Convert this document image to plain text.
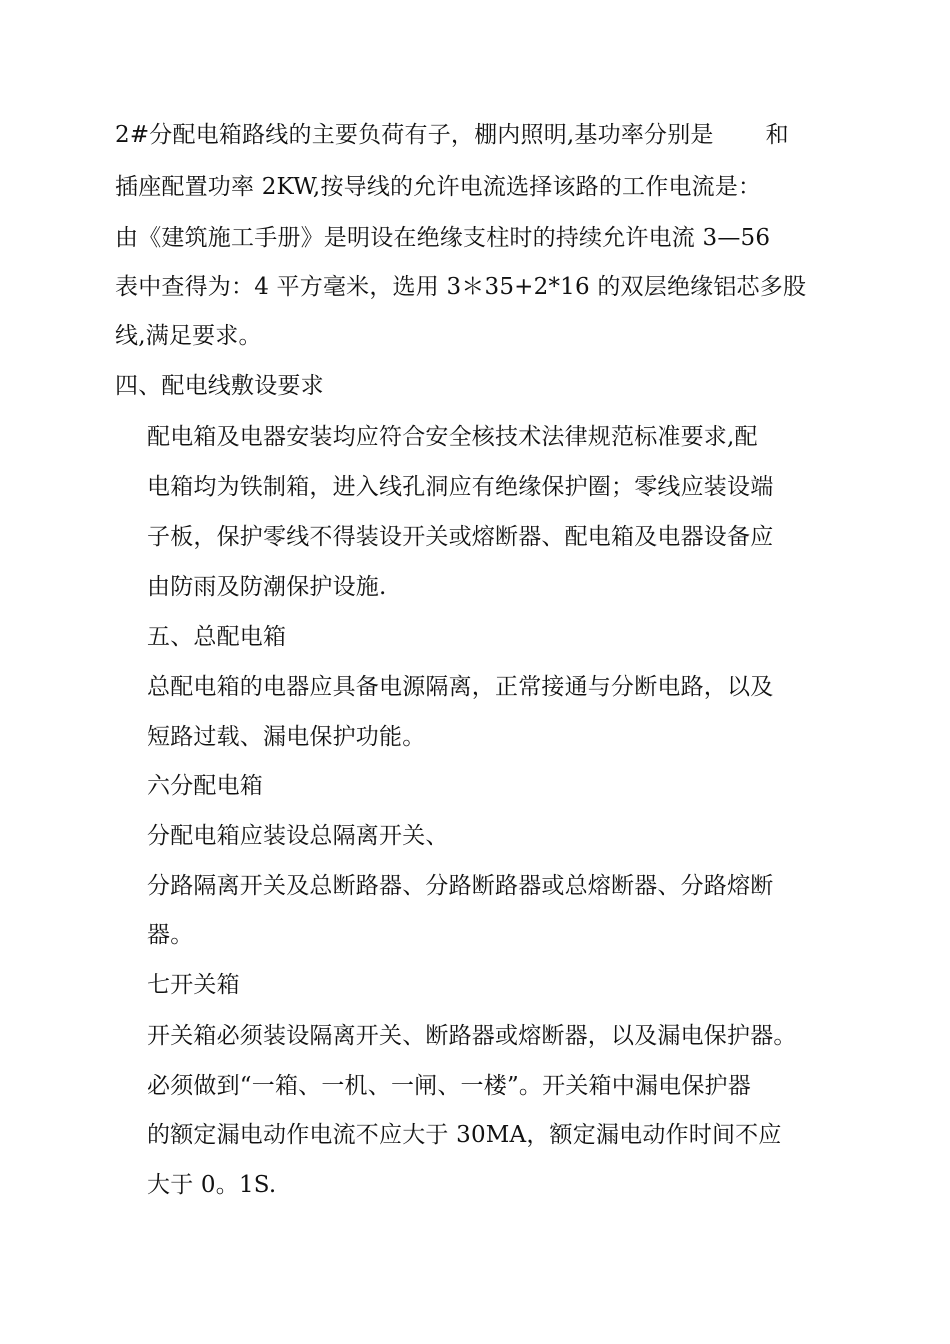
2#分配电箱路线的主要负荷有子，棚内照明,基功率分别是 和
插座配置功率 2KW,按导线的允许电流选择该路的工作电流是：
由《建筑施工手册》是明设在绝缘支柱时的持续允许电流 3—56
表中查得为：4 平方毫米，选用 3＊35+2*16 的双层绝缘铝芯多股
线,满足要求。
四、配电线敷设要求
配电箱及电器安装均应符合安全核技术法律规范标准要求,配
电箱均为铁制箱，进入线孔洞应有绝缘保护圈；零线应装设端
子板，保护零线不得装设开关或熔断器、配电箱及电器设备应
由防雨及防潮保护设施.
五、总配电箱
总配电箱的电器应具备电源隔离，正常接通与分断电路，以及
短路过载、漏电保护功能。
六分配电箱
分配电箱应装设总隔离开关、
分路隔离开关及总断路器、分路断路器或总熔断器、分路熔断
器。
七开关箱
开关箱必须装设隔离开关、断路器或熔断器，以及漏电保护器。
必须做到“一箱、一机、一闸、一楼”。开关箱中漏电保护器
的额定漏电动作电流不应大于 30MA，额定漏电动作时间不应
大于 0。1S.
